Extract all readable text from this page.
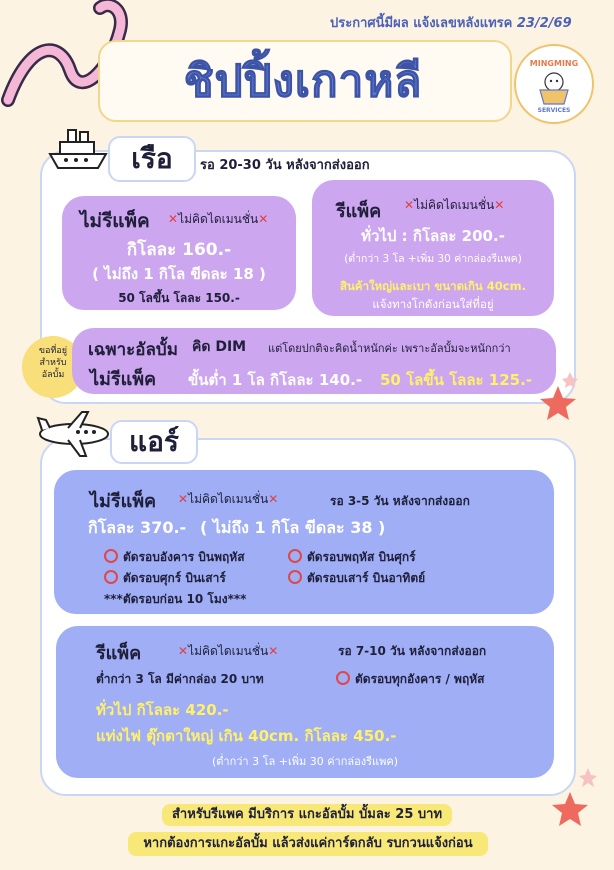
ประกาศนี้มีผล แจ้งเลขหลังแทรค 23/2/69
ชิปปิ้งเกาหลี	MINGMING
SERVICES
เรือ	รอ 20-30 วัน หลังจากส่งออก
ไม่รีแพ็ค ✕ไม่คิดไดเมนชั่น✕
กิโลละ 160.-
( ไม่ถึง 1 กิโล ขีดละ 18 )
50 โลขึ้น โลละ 150.-
รีแพ็ค ✕ไม่คิดไดเมนชั่น✕
ทั่วไป : กิโลละ 200.-
(ต่ำกว่า 3 โล +เพิ่ม 30 ค่ากล่องรีแพค)
สินค้าใหญ่และเบา ขนาดเกิน 40cm.
แจ้งทางโกดังก่อนใส่ที่อยู่
ขอที่อยู่
สำหรับ
อัลบั้ม
เฉพาะอัลบั้ม คิด DIM แต่โดยปกติจะคิดน้ำหนักค่ะ เพราะอัลบั้มจะหนักกว่า
ไม่รีแพ็ค ขั้นต่ำ 1 โล กิโลละ 140.- 50 โลขึ้น โลละ 125.-
แอร์
ไม่รีแพ็ค ✕ไม่คิดไดเมนชั่น✕	รอ 3-5 วัน หลังจากส่งออก
กิโลละ 370.- ( ไม่ถึง 1 กิโล ขีดละ 38 )
ตัดรอบอังคาร บินพฤหัส	ตัดรอบพฤหัส บินศุกร์
ตัดรอบศุกร์ บินเสาร์	ตัดรอบเสาร์ บินอาทิตย์
***ตัดรอบก่อน 10 โมง***
รีแพ็ค	✕ไม่คิดไดเมนชั่น✕	รอ 7-10 วัน หลังจากส่งออก
ต่ำกว่า 3 โล มีค่ากล่อง 20 บาท	ตัดรอบทุกอังคาร / พฤหัส
ทั่วไป กิโลละ 420.-
แท่งไฟ ตุ๊กตาใหญ่ เกิน 40cm. กิโลละ 450.-
(ต่ำกว่า 3 โล +เพิ่ม 30 ค่ากล่องรีแพค)
สำหรับรีแพค มีบริการ แกะอัลบั้ม บั้มละ 25 บาท
หากต้องการแกะอัลบั้ม แล้วส่งแค่การ์ดกลับ รบกวนแจ้งก่อน
